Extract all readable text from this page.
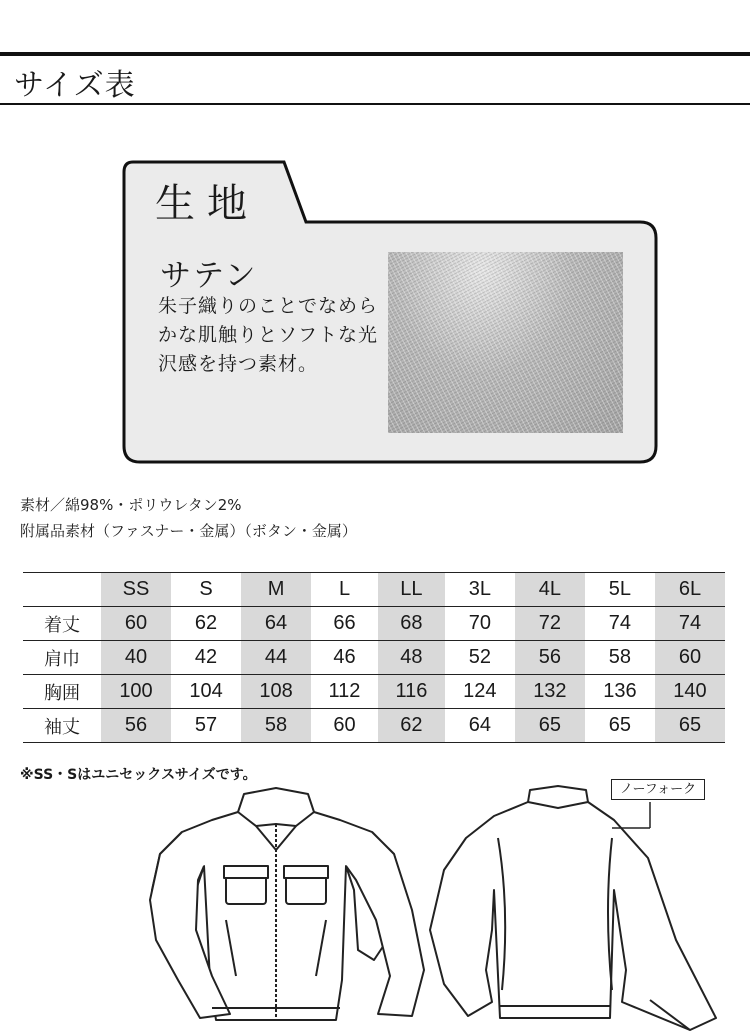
サイズ表
生地
サテン
朱子織りのことでなめらかな肌触りとソフトな光沢感を持つ素材。
素材／綿98%・ポリウレタン2%
附属品素材（ファスナー・金属）（ボタン・金属）
	SS	S	M	L	LL	3L	4L	5L	6L
着丈	60	62	64	66	68	70	72	74	74
肩巾	40	42	44	46	48	52	56	58	60
胸囲	100	104	108	112	116	124	132	136	140
袖丈	56	57	58	60	62	64	65	65	65
※SS・Sはユニセックスサイズです。
ノーフォーク
